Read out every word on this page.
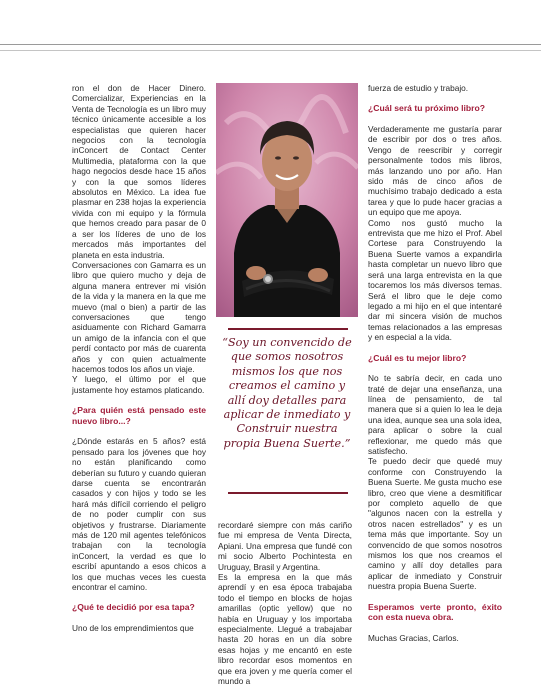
ron el don de Hacer Dinero. Comercializar, Experiencias en la Venta de Tecnología es un libro muy técnico únicamente accesible a los especialistas que quieren hacer negocios con la tecnología inConcert de Contact Center Multimedia, plataforma con la que hago negocios desde hace 15 años y con la que somos líderes absolutos en México. La idea fue plasmar en 238 hojas la experiencia vivida con mi equipo y la fórmula que hemos creado para pasar de 0 a ser los líderes de uno de los mercados más importantes del planeta en esta industria.

Conversaciones con Gamarra es un libro que quiero mucho y deja de alguna manera entrever mi visión de la vida y la manera en la que me muevo (mal o bien) a partir de las conversaciones que tengo asiduamente con Richard Gamarra un amigo de la infancia con el que perdí contacto por más de cuarenta años y con quien actualmente hacemos todos los años un viaje.

Y luego, el último por el que justamente hoy estamos platicando.

¿Para quién está pensado este nuevo libro...?

¿Dónde estarás en 5 años? está pensado para los jóvenes que hoy no están planificando como deberían su futuro y cuando quieran darse cuenta se encontrarán casados y con hijos y todo se les hará más difícil corriendo el peligro de no poder cumplir con sus objetivos y frustrarse. Diariamente más de 120 mil agentes telefónicos trabajan con la tecnología inConcert, la verdad es que lo escribí apuntando a esos chicos a los que muchas veces les cuesta encontrar el camino.

¿Qué te decidió por esa tapa?

Uno de los emprendimientos que

“Soy un convencido de que somos nosotros mismos los que nos creamos el camino y allí doy detalles para aplicar de inmediato y Construir nuestra propia Buena Suerte.”

recordaré siempre con más cariño fue mi empresa de Venta Directa, Apiani. Una empresa que fundé con mi socio Alberto Pochintesta en Uruguay, Brasil y Argentina.

Es la empresa en la que más aprendí y en esa época trabajaba todo el tiempo en blocks de hojas amarillas (optic yellow) que no había en Uruguay y los importaba especialmente. Llegué a trabajabar hasta 20 horas en un día sobre esas hojas y me encantó en este libro recordar esos momentos en que era joven y me quería comer el mundo a

fuerza de estudio y trabajo.

¿Cuál será tu próximo libro?

Verdaderamente me gustaría parar de escribir por dos o tres años. Vengo de reescribir y corregir personalmente todos mis libros, más lanzando uno por año. Han sido más de cinco años de muchísimo trabajo dedicado a esta tarea y que lo pude hacer gracias a un equipo que me apoya.

Como nos gustó mucho la entrevista que me hizo el Prof. Abel Cortese para Construyendo la Buena Suerte vamos a expandirla hasta completar un nuevo libro que será una larga entrevista en la que tocaremos los más diversos temas. Será el libro que le deje como legado a mi hijo en el que intentaré dar mi sincera visión de muchos temas relacionados a las empresas y en especial a la vida.

¿Cuál es tu mejor libro?

No te sabría decir, en cada uno traté de dejar una enseñanza, una línea de pensamiento, de tal manera que si a quien lo lea le deja una idea, aunque sea una sola idea, para aplicar o sobre la cual reflexionar, me quedo más que satisfecho.

Te puedo decir que quedé muy conforme con Construyendo la Buena Suerte. Me gusta mucho ese libro, creo que viene a desmitificar por completo aquello de que "algunos nacen con la estrella y otros nacen estrellados" y es un tema más que importante. Soy un convencido de que somos nosotros mismos los que nos creamos el camino y allí doy detalles para aplicar de inmediato y Construir nuestra propia Buena Suerte.

Esperamos verte pronto, éxito con esta nueva obra.

Muchas Gracias, Carlos.
